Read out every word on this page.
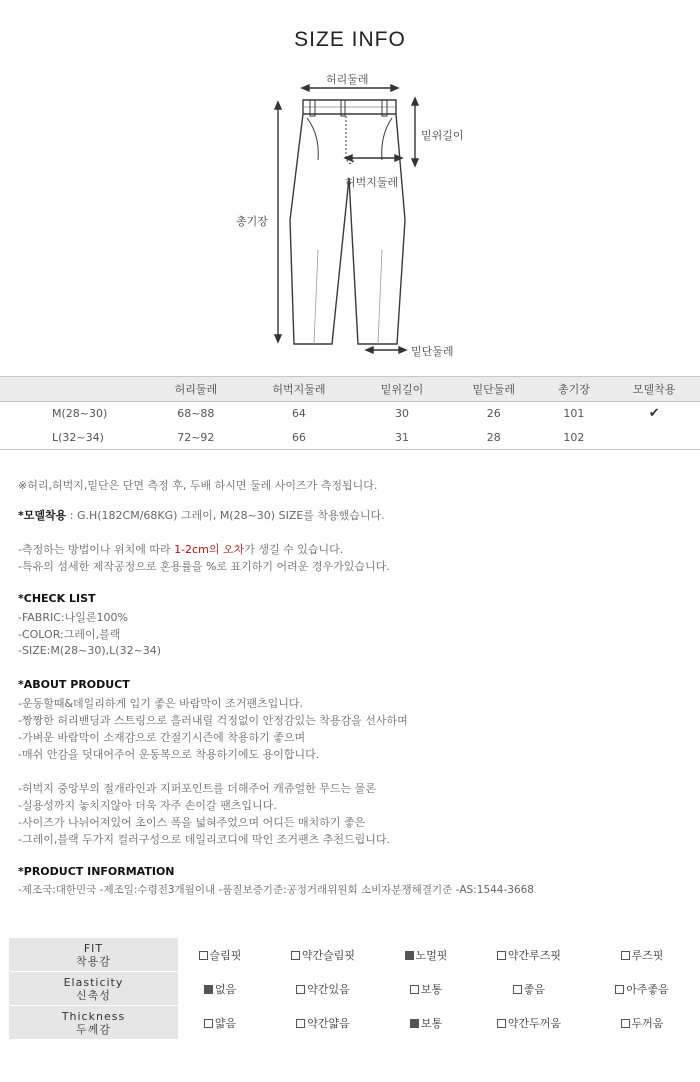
SIZE INFO
허리둘레
밑위길이
허벅지둘레
총기장
밑단둘레
	허리둘레	허벅지둘레	밑위길이	밑단둘레	총기장	모델착용
M(28~30)	68~88	64	30	26	101	✔
L(32~34)	72~92	66	31	28	102	
※허리,허벅지,밑단은 단면 측정 후, 두배 하시면 둘레 사이즈가 측정됩니다.
*모델착용 : G.H(182CM/68KG) 그레이, M(28~30) SIZE를 착용했습니다.
-측정하는 방법이나 위치에 따라 1-2cm의 오차가 생길 수 있습니다.
-특유의 섬세한 제작공정으로 혼용률을 %로 표기하기 어려운 경우가있습니다.
*CHECK LIST
-FABRIC:나일론100%
-COLOR:그레이,블랙
-SIZE:M(28~30),L(32~34)
*ABOUT PRODUCT
-운동할때&데일리하게 입기 좋은 바람막이 조거팬츠입니다.
-짱짱한 허리밴딩과 스트링으로 흘러내릴 걱정없이 안정감있는 착용감을 선사하며
-가벼운 바람막이 소재감으로 간절기시즌에 착용하기 좋으며
-매쉬 안감을 덧대어주어 운동복으로 착용하기에도 용이합니다.
-허벅지 중앙부의 절개라인과 지퍼포인트를 더해주어 캐쥬얼한 무드는 물론
-실용성까지 놓치지않아 더욱 자주 손이갈 팬츠입니다.
-사이즈가 나뉘어져있어 초이스 폭을 넓혀주었으며 어디든 매치하기 좋은
-그레이,블랙 두가지 컬러구성으로 데일리코디에 딱인 조거팬츠 추천드립니다.
*PRODUCT INFORMATION
-제조국:대한민국 -제조일:수령전3개월이내 -품질보증기준:공정거래위원회 소비자분쟁해결기준 -AS:1544-3668
FIT
착용감	슬림핏	약간슬림핏	노멀핏	약간루즈핏	루즈핏

Elasticity
신축성	없음	약간있음	보통	좋음	아주좋음

Thickness
두께감	얇음	약간얇음	보통	약간두꺼움	두꺼움
